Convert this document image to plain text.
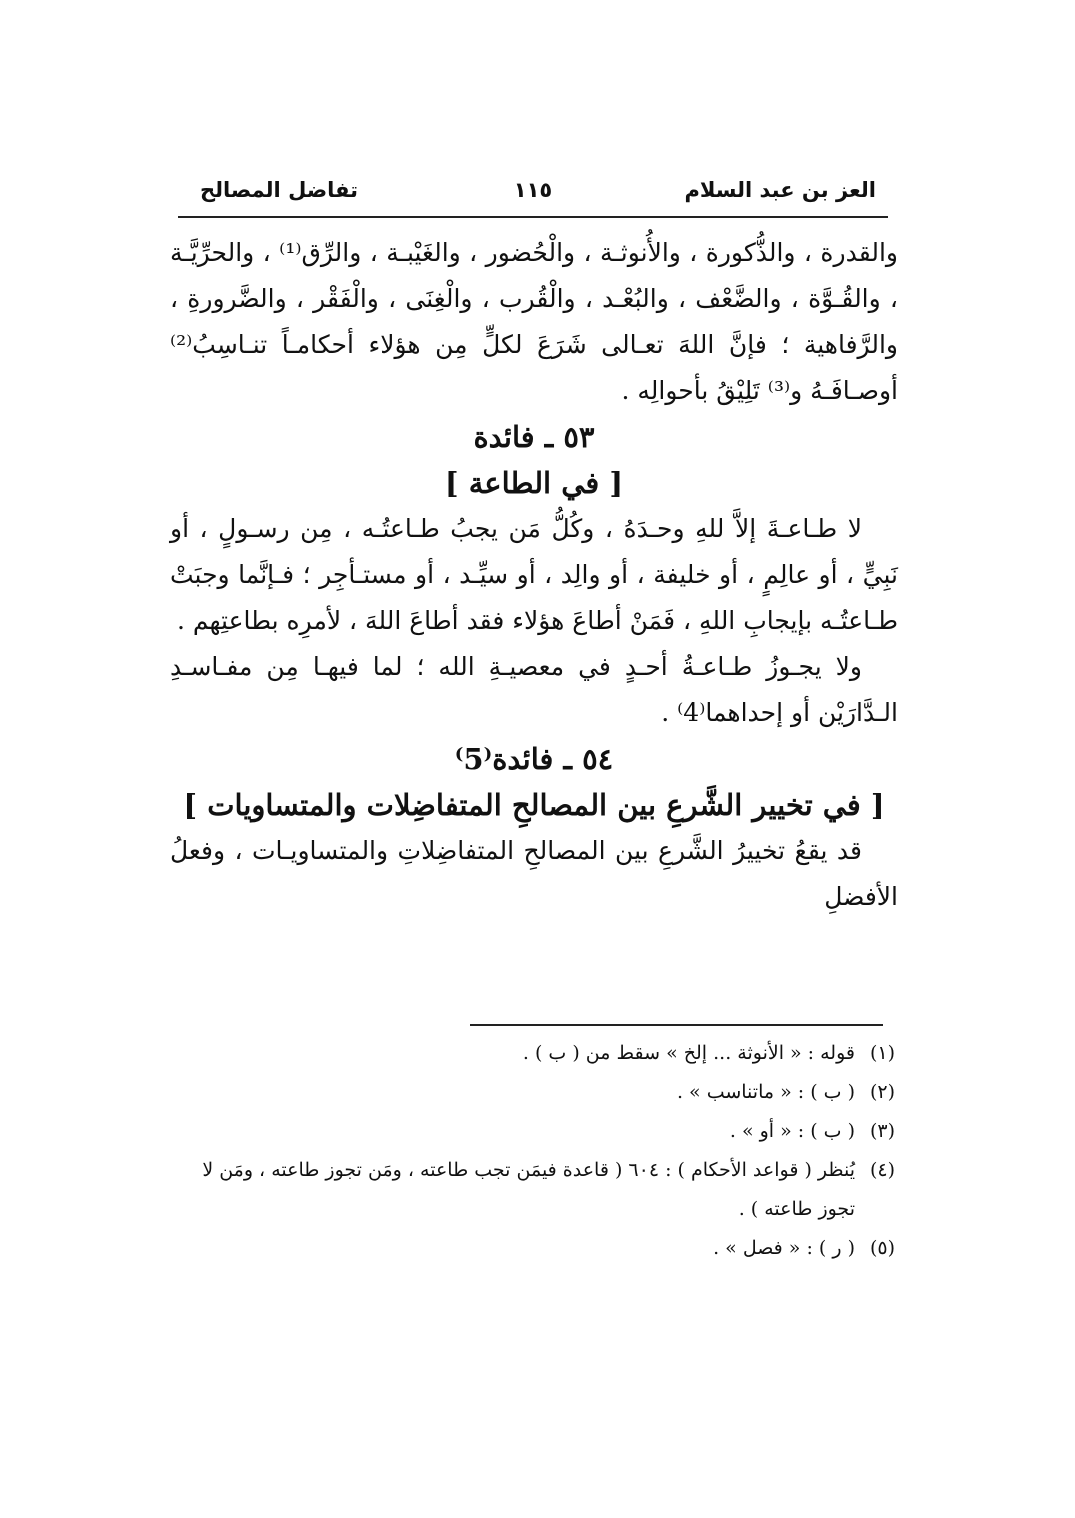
العز بن عبد السلام
١١٥
تفاضل المصالح

والقدرة ، والذُّكورة ، والأُنوثـة ، والْحُضور ، والغَيْبـة ، والرِّق⁽¹⁾ ، والحرِّيَّـة ، والقُـوَّة ، والضَّعْف ، والبُعْـد ، والْقُرب ، والْغِنَى ، والْفَقْر ، والضَّرورةِ ، والرَّفاهية ؛ فإنَّ اللهَ تعـالى شَرَعَ لكلٍّ مِن هؤلاء أحكامـاً تنـاسِبُ⁽²⁾ أوصـافَـهُ و⁽³⁾ تَلِيْقُ بأحوالِه .

٥٣ ـ فائدة

[ في الطاعة ]

لا طـاعـةَ إلاَّ للهِ وحـدَهُ ، وكُلُّ مَن يجبُ طـاعتُـه ، مِن رسـولٍ ، أو نَبِيٍّ ، أو عالِمٍ ، أو خليفة ، أو والِد ، أو سيِّـد ، أو مستـأجِر ؛ فـإنَّما وجبَتْ طـاعتُـه بإيجابِ اللهِ ، فَمَنْ أطاعَ هؤلاء فقد أطاعَ اللهَ ، لأمرِه بطاعتِهم .

ولا يجـوزُ طـاعـةُ أحـدٍ في معصيـةِ الله ؛ لما فيهـا مِن مفـاسـدِ الـدَّارَيْن أو إحداهما⁽4⁾ .

٥٤ ـ فائدة⁽5⁾

[ في تخيير الشَّرعِ بين المصالحِ المتفاضِلات والمتساويات ]

قد يقعُ تخييرُ الشَّرعِ بين المصالحِ المتفاضِلاتِ والمتساويـات ، وفعلُ الأفضلِ

(١)
قوله : « الأنوثة ... إلخ » سقط من ( ب ) .
(٢)
( ب ) : « ماتناسب » .
(٣)
( ب ) : « أو » .
(٤)
يُنظر ( قواعد الأحكام ) : ٦٠٤ ( قاعدة فيمَن تجب طاعته ، ومَن تجوز طاعته ، ومَن لا تجوز طاعته ) .
(٥)
( ر ) : « فصل » .
